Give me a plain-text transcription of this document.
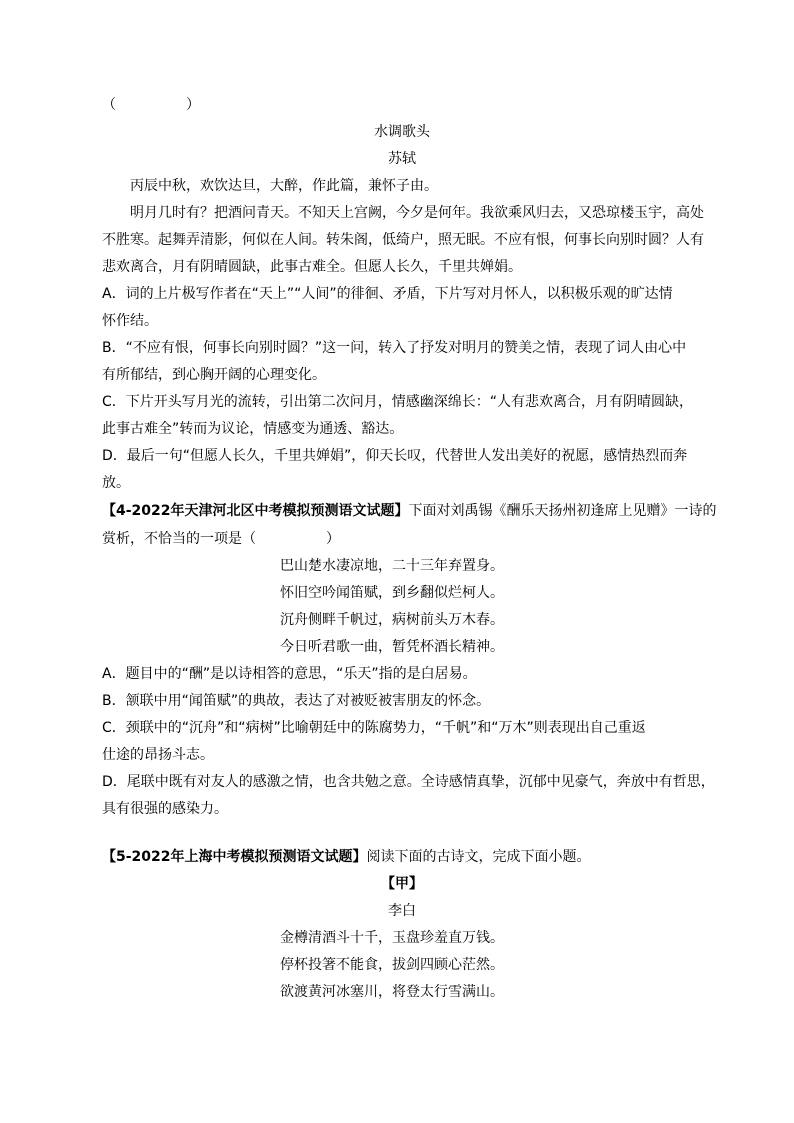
（　　　　　）
水调歌头
苏轼
丙辰中秋，欢饮达旦，大醉，作此篇，兼怀子由。
明月几时有？把酒问青天。不知天上宫阙，今夕是何年。我欲乘风归去，又恐琼楼玉宇，高处
不胜寒。起舞弄清影，何似在人间。转朱阁，低绮户，照无眠。不应有恨，何事长向别时圆？人有
悲欢离合，月有阴晴圆缺，此事古难全。但愿人长久，千里共婵娟。
A．词的上片极写作者在“天上”“人间”的徘徊、矛盾，下片写对月怀人，以积极乐观的旷达情
怀作结。
B．“不应有恨，何事长向别时圆？”这一问，转入了抒发对明月的赞美之情，表现了词人由心中
有所郁结，到心胸开阔的心理变化。
C．下片开头写月光的流转，引出第二次问月，情感幽深绵长：“人有悲欢离合，月有阴晴圆缺，
此事古难全”转而为议论，情感变为通透、豁达。
D．最后一句“但愿人长久，千里共婵娟”，仰天长叹，代替世人发出美好的祝愿，感情热烈而奔
放。
【4-2022年天津河北区中考模拟预测语文试题】下面对刘禹锡《酬乐天扬州初逢席上见赠》一诗的
赏析，不恰当的一项是（　　　　　）
巴山楚水凄凉地，二十三年弃置身。
怀旧空吟闻笛赋，到乡翻似烂柯人。
沉舟侧畔千帆过，病树前头万木春。
今日听君歌一曲，暂凭杯酒长精神。
A．题目中的“酬”是以诗相答的意思，“乐天”指的是白居易。
B．颔联中用“闻笛赋”的典故，表达了对被贬被害朋友的怀念。
C．颈联中的“沉舟”和“病树”比喻朝廷中的陈腐势力，“千帆”和“万木”则表现出自己重返
仕途的昂扬斗志。
D．尾联中既有对友人的感激之情，也含共勉之意。全诗感情真挚，沉郁中见豪气，奔放中有哲思，
具有很强的感染力。
【5-2022年上海中考模拟预测语文试题】阅读下面的古诗文，完成下面小题。
【甲】
李白
金樽清酒斗十千，玉盘珍羞直万钱。
停杯投箸不能食，拔剑四顾心茫然。
欲渡黄河冰塞川，将登太行雪满山。
